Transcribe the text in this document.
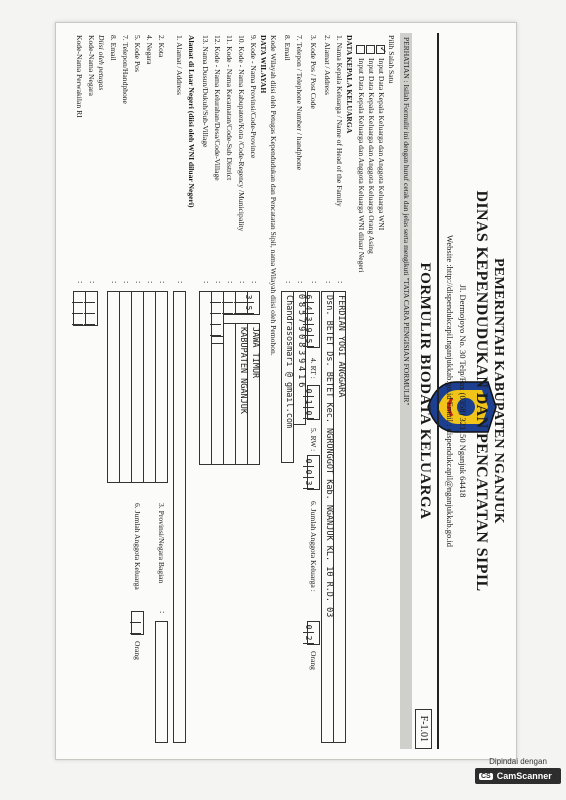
PEMERINTAH KABUPATEN NGANJUK
DINAS KEPENDUDUKAN DAN PENCATATAN SIPIL
Jl. Dermojoyo No. 30 Telp/Fax (0358) 321150 Nganjuk 64418
Website :http://dispendukcapil.nganjukkab.go.id Email : dispendukcapil@nganjukkab.go.id
FORMULIR BIODATA KELUARGA
F-1.01
PERHATIAN : Isilah Formulir ini dengan huruf cetak dan jelas serta mengikuti "TATA CARA PENGISIAN FORMULIR"
Pilih Salah Satu
✓Input Data Kepala Keluarga dan Anggota Keluarga WNI
Input Data Kepala Keluarga dan Anggota Keluarga Orang Asing
Input Data Kepala Keluarga dan Anggota Keluarga WNI diluar Negeri
DATA KEPALA KELUARGA
1. Nama Kepala Keluarga / Name of Head of the Family
:
FERDIAN YOGI ANGGARA
2. Alamat / Address
:
Dsn. BETET Ds. BETET Kec. NGRONGGOT Kab. NGANJUK KL. 10 R.D. 03
3. Kode Pos / Post Code
:
64395
4. RT :
010
5. RW :
003
6. Jumlah Anggota Keluarga :
02
Orang
7. Telepon / Telephone Number / handphone
:
085790839416
8. Email
:
Chandrasosmari @ gmail.com
Kode Wilayah diisi oleh Petugas Kependudukan dan Pencatatan Sipil, nama Wilayah diisi oleh Pemohon.
DATA WILAYAH
9. Kode - Nama Provinsi/Code-Province
:
35
JAWA TIMUR
10. Kode - Nama Kabupaten/Kota /Code-Regency /Municipality
:
KABUPATEN NGANJUK
11. Kode - Nama Kecamatan/Code-Sub District
:
12. Kode - Nama Kelurahan/Desa/Code-Village
:
13. Nama Dusun/Dukuh/Sub-Village
:
Alamat di Luar Negeri (diisi oleh WNI diluar Negeri)
1. Alamat / Address
:
2. Kota
:
3. Provinsi/Negara Bagian
:
4. Negara
:
5. Kode Pos
:
6. Jumlah Anggota Keluarga
Orang
7. Telepon/Handphone
:
8. Email
:
Diisi oleh petugas
Kode-Nama Negara
:
Kode-Nama Perwakilan RI
:
Dipindai dengan
CS CamScanner
